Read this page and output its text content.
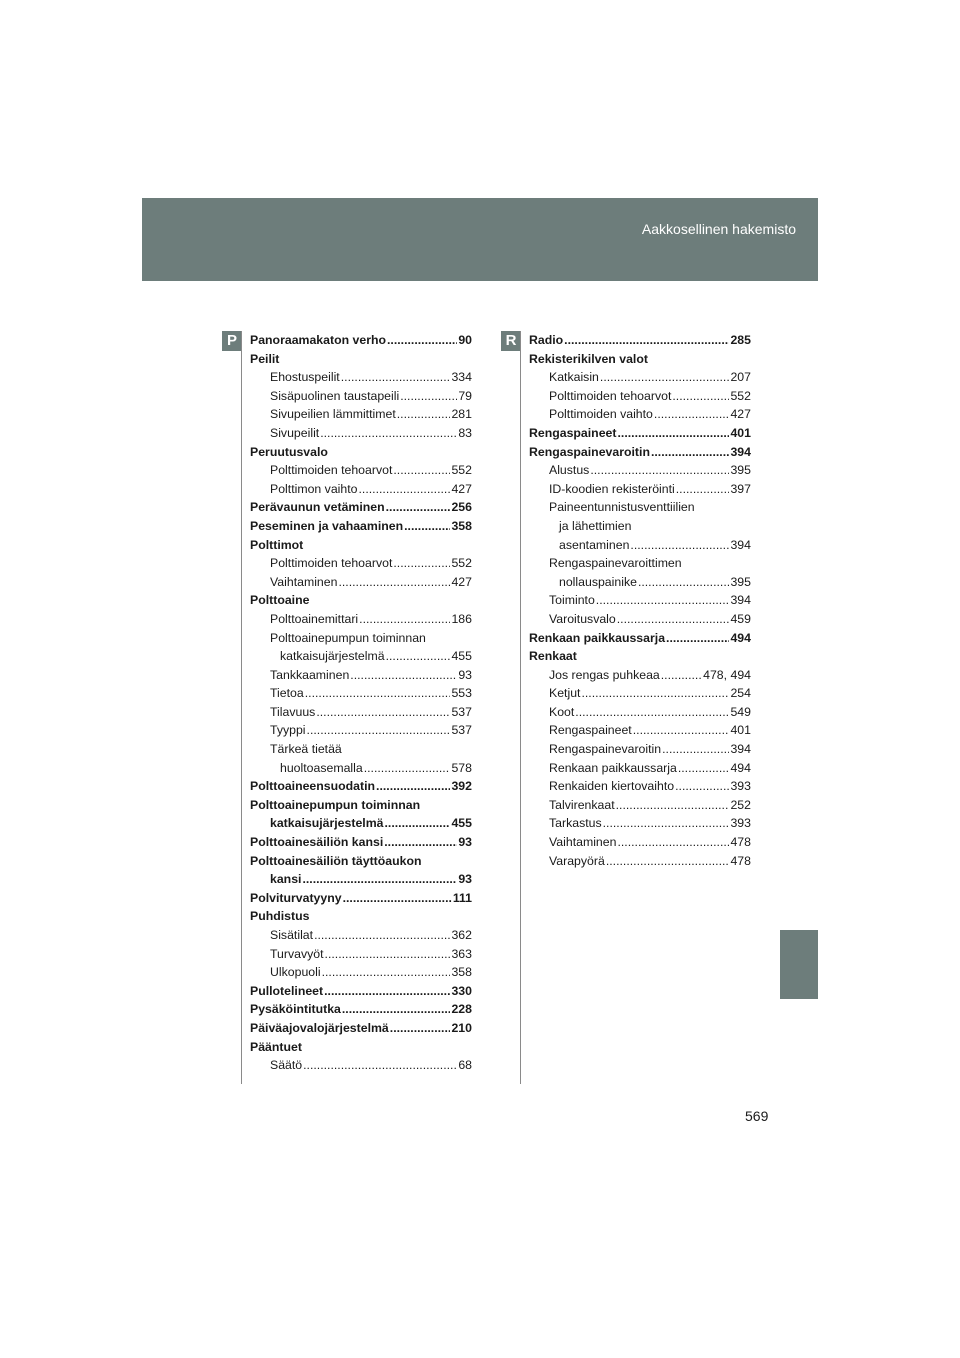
Aakkosellinen hakemisto
P	Panoraamakaton verho .....	90
Peilit
Ehostuspeilit .....	334
Sisäpuolinen taustapeili .....	79
Sivupeilien lämmittimet .....	281
Sivupeilit .....	83
Peruutusvalo
Polttimoiden tehoarvot .....	552
Polttimon vaihto .....	427
Perävaunun vetäminen .....	256
Peseminen ja vahaaminen .....	358
Polttimot
Polttimoiden tehoarvot .....	552
Vaihtaminen .....	427
Polttoaine
Polttoainemittari .....	186
Polttoainepumpun toiminnan
katkaisujärjestelmä .....	455
Tankkaaminen .....	93
Tietoa .....	553
Tilavuus .....	537
Tyyppi .....	537
Tärkeä tietää
huoltoasemalla .....	578
Polttoaineensuodatin .....	392
Polttoainepumpun toiminnan
katkaisujärjestelmä .....	455
Polttoainesäiliön kansi .....	93
Polttoainesäiliön täyttöaukon
kansi .....	93
Polviturvatyyny .....	111
Puhdistus
Sisätilat .....	362
Turvavyöt .....	363
Ulkopuoli .....	358
Pullotelineet .....	330
Pysäköintitutka .....	228
Päiväajovalojärjestelmä .....	210
Pääntuet
Säätö .....	68
R	Radio .....	285
Rekisterikilven valot
Katkaisin .....	207
Polttimoiden tehoarvot .....	552
Polttimoiden vaihto .....	427
Rengaspaineet .....	401
Rengaspainevaroitin .....	394
Alustus .....	395
ID-koodien rekisteröinti .....	397
Paineentunnistusventtiilien
ja lähettimien
asentaminen .....	394
Rengaspainevaroittimen
nollauspainike .....	395
Toiminto .....	394
Varoitusvalo .....	459
Renkaan paikkaussarja .....	494
Renkaat
Jos rengas puhkeaa .....	478, 494
Ketjut .....	254
Koot .....	549
Rengaspaineet .....	401
Rengaspainevaroitin .....	394
Renkaan paikkaussarja .....	494
Renkaiden kiertovaihto .....	393
Talvirenkaat .....	252
Tarkastus .....	393
Vaihtaminen .....	478
Varapyörä .....	478
569
